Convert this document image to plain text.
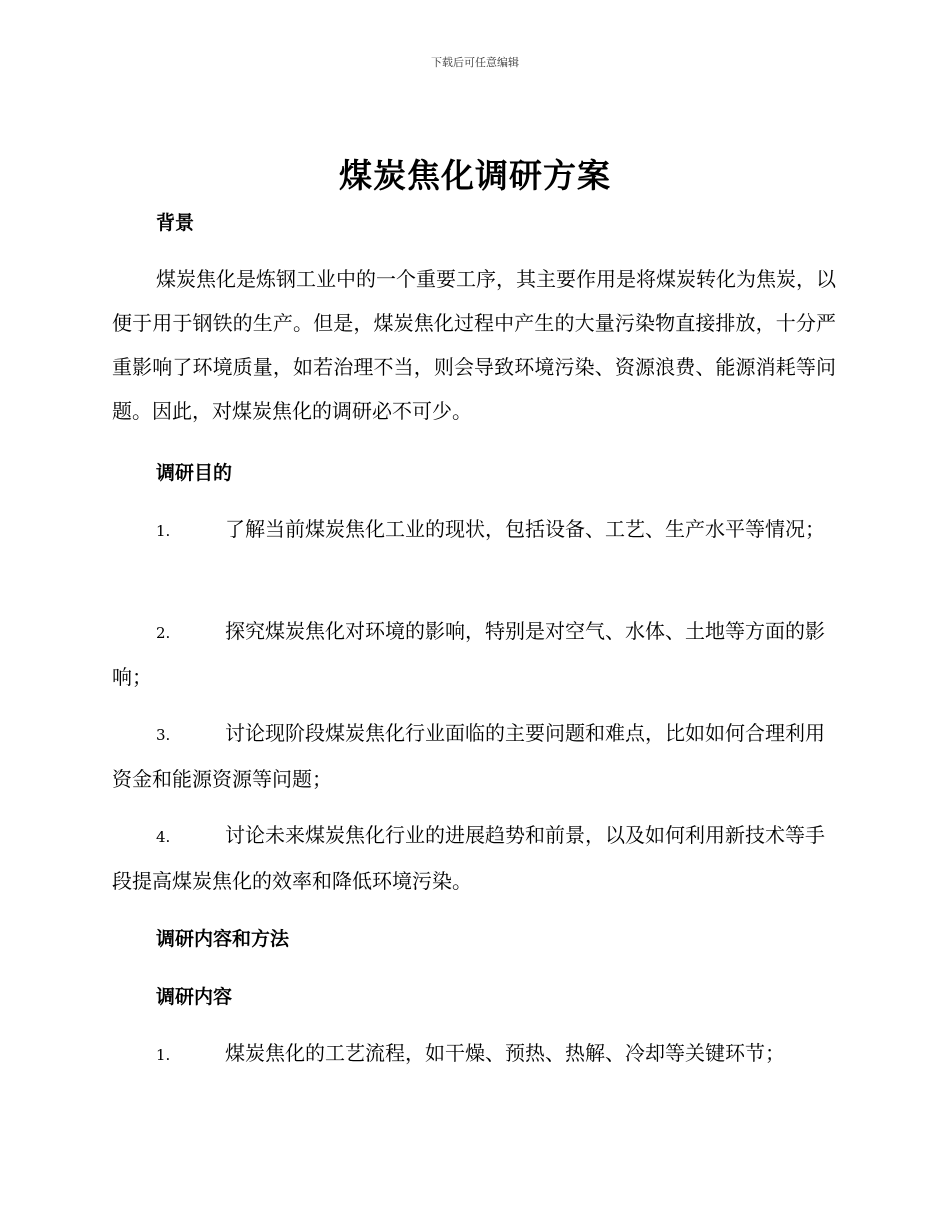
下载后可任意编辑
煤炭焦化调研方案
背景
煤炭焦化是炼钢工业中的一个重要工序，其主要作用是将煤炭转化为焦炭，以便于用于钢铁的生产。但是，煤炭焦化过程中产生的大量污染物直接排放，十分严重影响了环境质量，如若治理不当，则会导致环境污染、资源浪费、能源消耗等问题。因此，对煤炭焦化的调研必不可少。
调研目的
1.	了解当前煤炭焦化工业的现状，包括设备、工艺、生产水平等情况；
2.	探究煤炭焦化对环境的影响，特别是对空气、水体、土地等方面的影响；
3.	讨论现阶段煤炭焦化行业面临的主要问题和难点，比如如何合理利用资金和能源资源等问题；
4.	讨论未来煤炭焦化行业的进展趋势和前景，以及如何利用新技术等手段提高煤炭焦化的效率和降低环境污染。
调研内容和方法
调研内容
1.	煤炭焦化的工艺流程，如干燥、预热、热解、冷却等关键环节；
